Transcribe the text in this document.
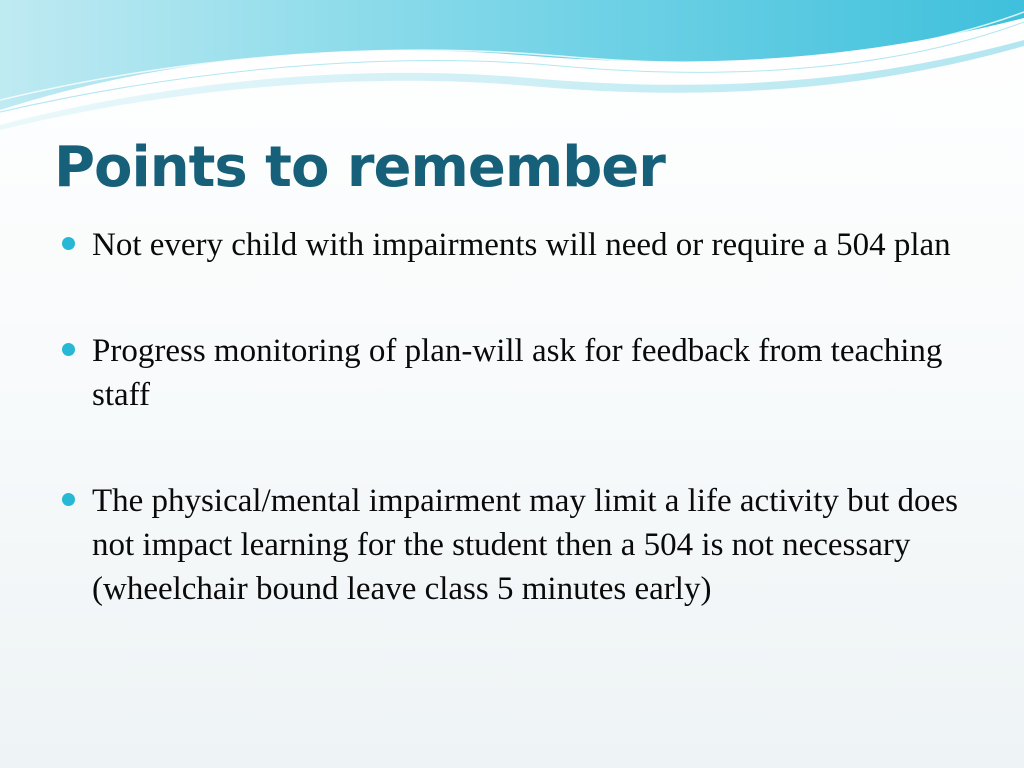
Points to remember
Not every child with impairments will need or require a 504 plan
Progress monitoring of plan-will ask for feedback from teaching staff
The physical/mental impairment may limit a life activity but does not impact learning for the student then a 504 is not necessary (wheelchair bound leave class 5 minutes early)
